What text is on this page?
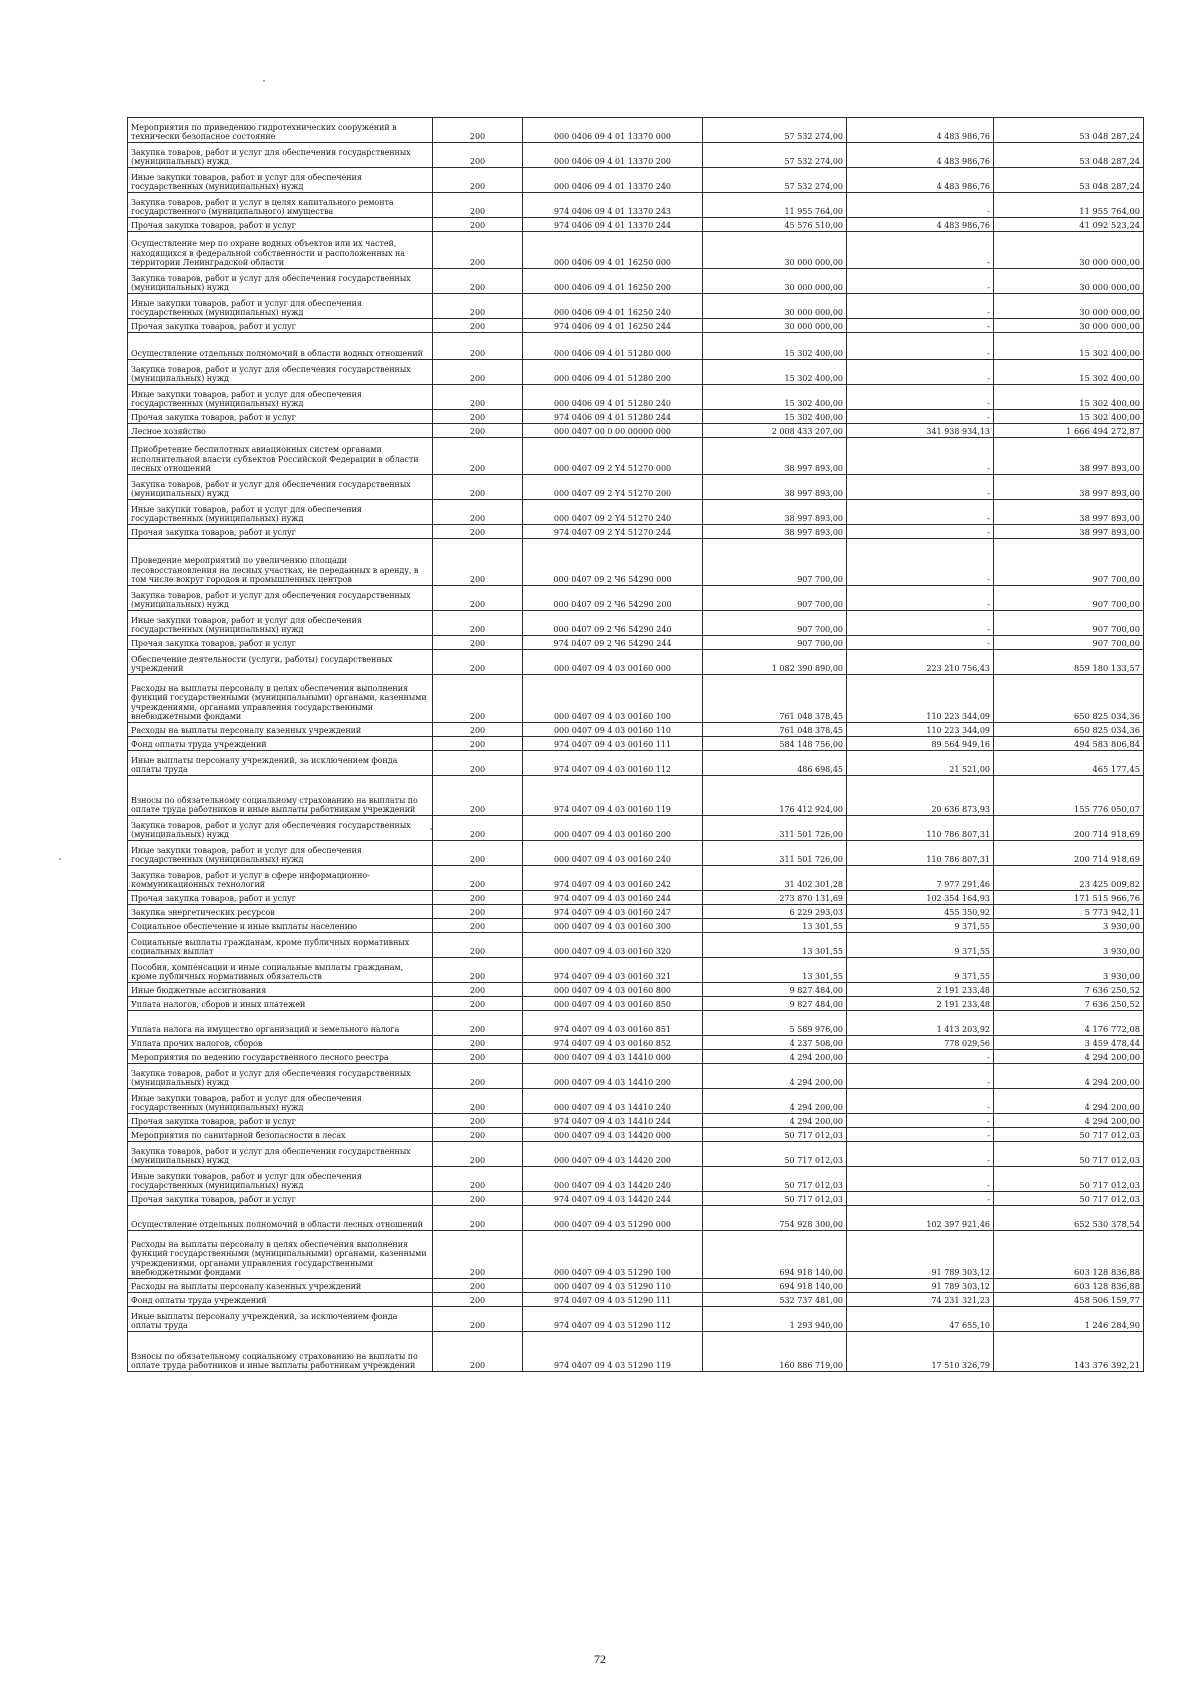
Мероприятия по приведению гидротехнических сооружений в технически безопасное состояние	200	000 0406 09 4 01 13370 000	57 532 274,00	4 483 986,76	53 048 287,24
Закупка товаров, работ и услуг для обеспечения государственных (муниципальных) нужд	200	000 0406 09 4 01 13370 200	57 532 274,00	4 483 986,76	53 048 287,24
Иные закупки товаров, работ и услуг для обеспечения государственных (муниципальных) нужд	200	000 0406 09 4 01 13370 240	57 532 274,00	4 483 986,76	53 048 287,24
Закупка товаров, работ и услуг в целях капитального ремонта государственного (муниципального) имущества	200	974 0406 09 4 01 13370 243	11 955 764,00	-	11 955 764,00
Прочая закупка товаров, работ и услуг	200	974 0406 09 4 01 13370 244	45 576 510,00	4 483 986,76	41 092 523,24
Осуществление мер по охране водных объектов или их частей, находящихся в федеральной собственности и расположенных на территории Ленинградской области	200	000 0406 09 4 01 16250 000	30 000 000,00	-	30 000 000,00
Закупка товаров, работ и услуг для обеспечения государственных (муниципальных) нужд	200	000 0406 09 4 01 16250 200	30 000 000,00	-	30 000 000,00
Иные закупки товаров, работ и услуг для обеспечения государственных (муниципальных) нужд	200	000 0406 09 4 01 16250 240	30 000 000,00	-	30 000 000,00
Прочая закупка товаров, работ и услуг	200	974 0406 09 4 01 16250 244	30 000 000,00	-	30 000 000,00
Осуществление отдельных полномочий в области водных отношений	200	000 0406 09 4 01 51280 000	15 302 400,00	-	15 302 400,00
Закупка товаров, работ и услуг для обеспечения государственных (муниципальных) нужд	200	000 0406 09 4 01 51280 200	15 302 400,00	-	15 302 400,00
Иные закупки товаров, работ и услуг для обеспечения государственных (муниципальных) нужд	200	000 0406 09 4 01 51280 240	15 302 400,00	-	15 302 400,00
Прочая закупка товаров, работ и услуг	200	974 0406 09 4 01 51280 244	15 302 400,00	-	15 302 400,00
Лесное хозяйство	200	000 0407 00 0 00 00000 000	2 008 433 207,00	341 938 934,13	1 666 494 272,87
Приобретение беспилотных авиационных систем органами исполнительной власти субъектов Российской Федерации в области лесных отношений	200	000 0407 09 2 Y4 51270 000	38 997 893,00	-	38 997 893,00
Закупка товаров, работ и услуг для обеспечения государственных (муниципальных) нужд	200	000 0407 09 2 Y4 51270 200	38 997 893,00	-	38 997 893,00
Иные закупки товаров, работ и услуг для обеспечения государственных (муниципальных) нужд	200	000 0407 09 2 Y4 51270 240	38 997 893,00	-	38 997 893,00
Прочая закупка товаров, работ и услуг	200	974 0407 09 2 Y4 51270 244	38 997 893,00	-	38 997 893,00
Проведение мероприятий по увеличению площади лесовосстановления на лесных участках, не переданных в аренду, в том числе вокруг городов и промышленных центров	200	000 0407 09 2 Ч6 54290 000	907 700,00	-	907 700,00
Закупка товаров, работ и услуг для обеспечения государственных (муниципальных) нужд	200	000 0407 09 2 Ч6 54290 200	907 700,00	-	907 700,00
Иные закупки товаров, работ и услуг для обеспечения государственных (муниципальных) нужд	200	000 0407 09 2 Ч6 54290 240	907 700,00	-	907 700,00
Прочая закупка товаров, работ и услуг	200	974 0407 09 2 Ч6 54290 244	907 700,00	-	907 700,00
Обеспечение деятельности (услуги, работы) государственных учреждений	200	000 0407 09 4 03 00160 000	1 082 390 890,00	223 210 756,43	859 180 133,57
Расходы на выплаты персоналу в целях обеспечения выполнения функций государственными (муниципальными) органами, казенными учреждениями, органами управления государственными внебюджетными фондами	200	000 0407 09 4 03 00160 100	761 048 378,45	110 223 344,09	650 825 034,36
Расходы на выплаты персоналу казенных учреждений	200	000 0407 09 4 03 00160 110	761 048 378,45	110 223 344,09	650 825 034,36
Фонд оплаты труда учреждений	200	974 0407 09 4 03 00160 111	584 148 756,00	89 564 949,16	494 583 806,84
Иные выплаты персоналу учреждений, за исключением фонда оплаты труда	200	974 0407 09 4 03 00160 112	486 698,45	21 521,00	465 177,45
Взносы по обязательному социальному страхованию на выплаты по оплате труда работников и иные выплаты работникам учреждений	200	974 0407 09 4 03 00160 119	176 412 924,00	20 636 873,93	155 776 050,07
Закупка товаров, работ и услуг для обеспечения государственных (муниципальных) нужд	200	000 0407 09 4 03 00160 200	311 501 726,00	110 786 807,31	200 714 918,69
Иные закупки товаров, работ и услуг для обеспечения государственных (муниципальных) нужд	200	000 0407 09 4 03 00160 240	311 501 726,00	110 786 807,31	200 714 918,69
Закупка товаров, работ и услуг в сфере информационно-коммуникационных технологий	200	974 0407 09 4 03 00160 242	31 402 301,28	7 977 291,46	23 425 009,82
Прочая закупка товаров, работ и услуг	200	974 0407 09 4 03 00160 244	273 870 131,69	102 354 164,93	171 515 966,76
Закупка энергетических ресурсов	200	974 0407 09 4 03 00160 247	6 229 293,03	455 350,92	5 773 942,11
Социальное обеспечение и иные выплаты населению	200	000 0407 09 4 03 00160 300	13 301,55	9 371,55	3 930,00
Социальные выплаты гражданам, кроме публичных нормативных социальных выплат	200	000 0407 09 4 03 00160 320	13 301,55	9 371,55	3 930,00
Пособия, компенсации и иные социальные выплаты гражданам, кроме публичных нормативных обязательств	200	974 0407 09 4 03 00160 321	13 301,55	9 371,55	3 930,00
Иные бюджетные ассигнования	200	000 0407 09 4 03 00160 800	9 827 484,00	2 191 233,48	7 636 250,52
Уплата налогов, сборов и иных платежей	200	000 0407 09 4 03 00160 850	9 827 484,00	2 191 233,48	7 636 250,52
Уплата налога на имущество организаций и земельного налога	200	974 0407 09 4 03 00160 851	5 589 976,00	1 413 203,92	4 176 772,08
Уплата прочих налогов, сборов	200	974 0407 09 4 03 00160 852	4 237 508,00	778 029,56	3 459 478,44
Мероприятия по ведению государственного лесного реестра	200	000 0407 09 4 03 14410 000	4 294 200,00	-	4 294 200,00
Закупка товаров, работ и услуг для обеспечения государственных (муниципальных) нужд	200	000 0407 09 4 03 14410 200	4 294 200,00	-	4 294 200,00
Иные закупки товаров, работ и услуг для обеспечения государственных (муниципальных) нужд	200	000 0407 09 4 03 14410 240	4 294 200,00	-	4 294 200,00
Прочая закупка товаров, работ и услуг	200	974 0407 09 4 03 14410 244	4 294 200,00	-	4 294 200,00
Мероприятия по санитарной безопасности в лесах	200	000 0407 09 4 03 14420 000	50 717 012,03	-	50 717 012,03
Закупка товаров, работ и услуг для обеспечения государственных (муниципальных) нужд	200	000 0407 09 4 03 14420 200	50 717 012,03	-	50 717 012,03
Иные закупки товаров, работ и услуг для обеспечения государственных (муниципальных) нужд	200	000 0407 09 4 03 14420 240	50 717 012,03	-	50 717 012,03
Прочая закупка товаров, работ и услуг	200	974 0407 09 4 03 14420 244	50 717 012,03	-	50 717 012,03
Осуществление отдельных полномочий в области лесных отношений	200	000 0407 09 4 03 51290 000	754 928 300,00	102 397 921,46	652 530 378,54
Расходы на выплаты персоналу в целях обеспечения выполнения функций государственными (муниципальными) органами, казенными учреждениями, органами управления государственными внебюджетными фондами	200	000 0407 09 4 03 51290 100	694 918 140,00	91 789 303,12	603 128 836,88
Расходы на выплаты персоналу казенных учреждений	200	000 0407 09 4 03 51290 110	694 918 140,00	91 789 303,12	603 128 836,88
Фонд оплаты труда учреждений	200	974 0407 09 4 03 51290 111	532 737 481,00	74 231 321,23	458 506 159,77
Иные выплаты персоналу учреждений, за исключением фонда оплаты труда	200	974 0407 09 4 03 51290 112	1 293 940,00	47 655,10	1 246 284,90
Взносы по обязательному социальному страхованию на выплаты по оплате труда работников и иные выплаты работникам учреждений	200	974 0407 09 4 03 51290 119	160 886 719,00	17 510 326,79	143 376 392,21
72
